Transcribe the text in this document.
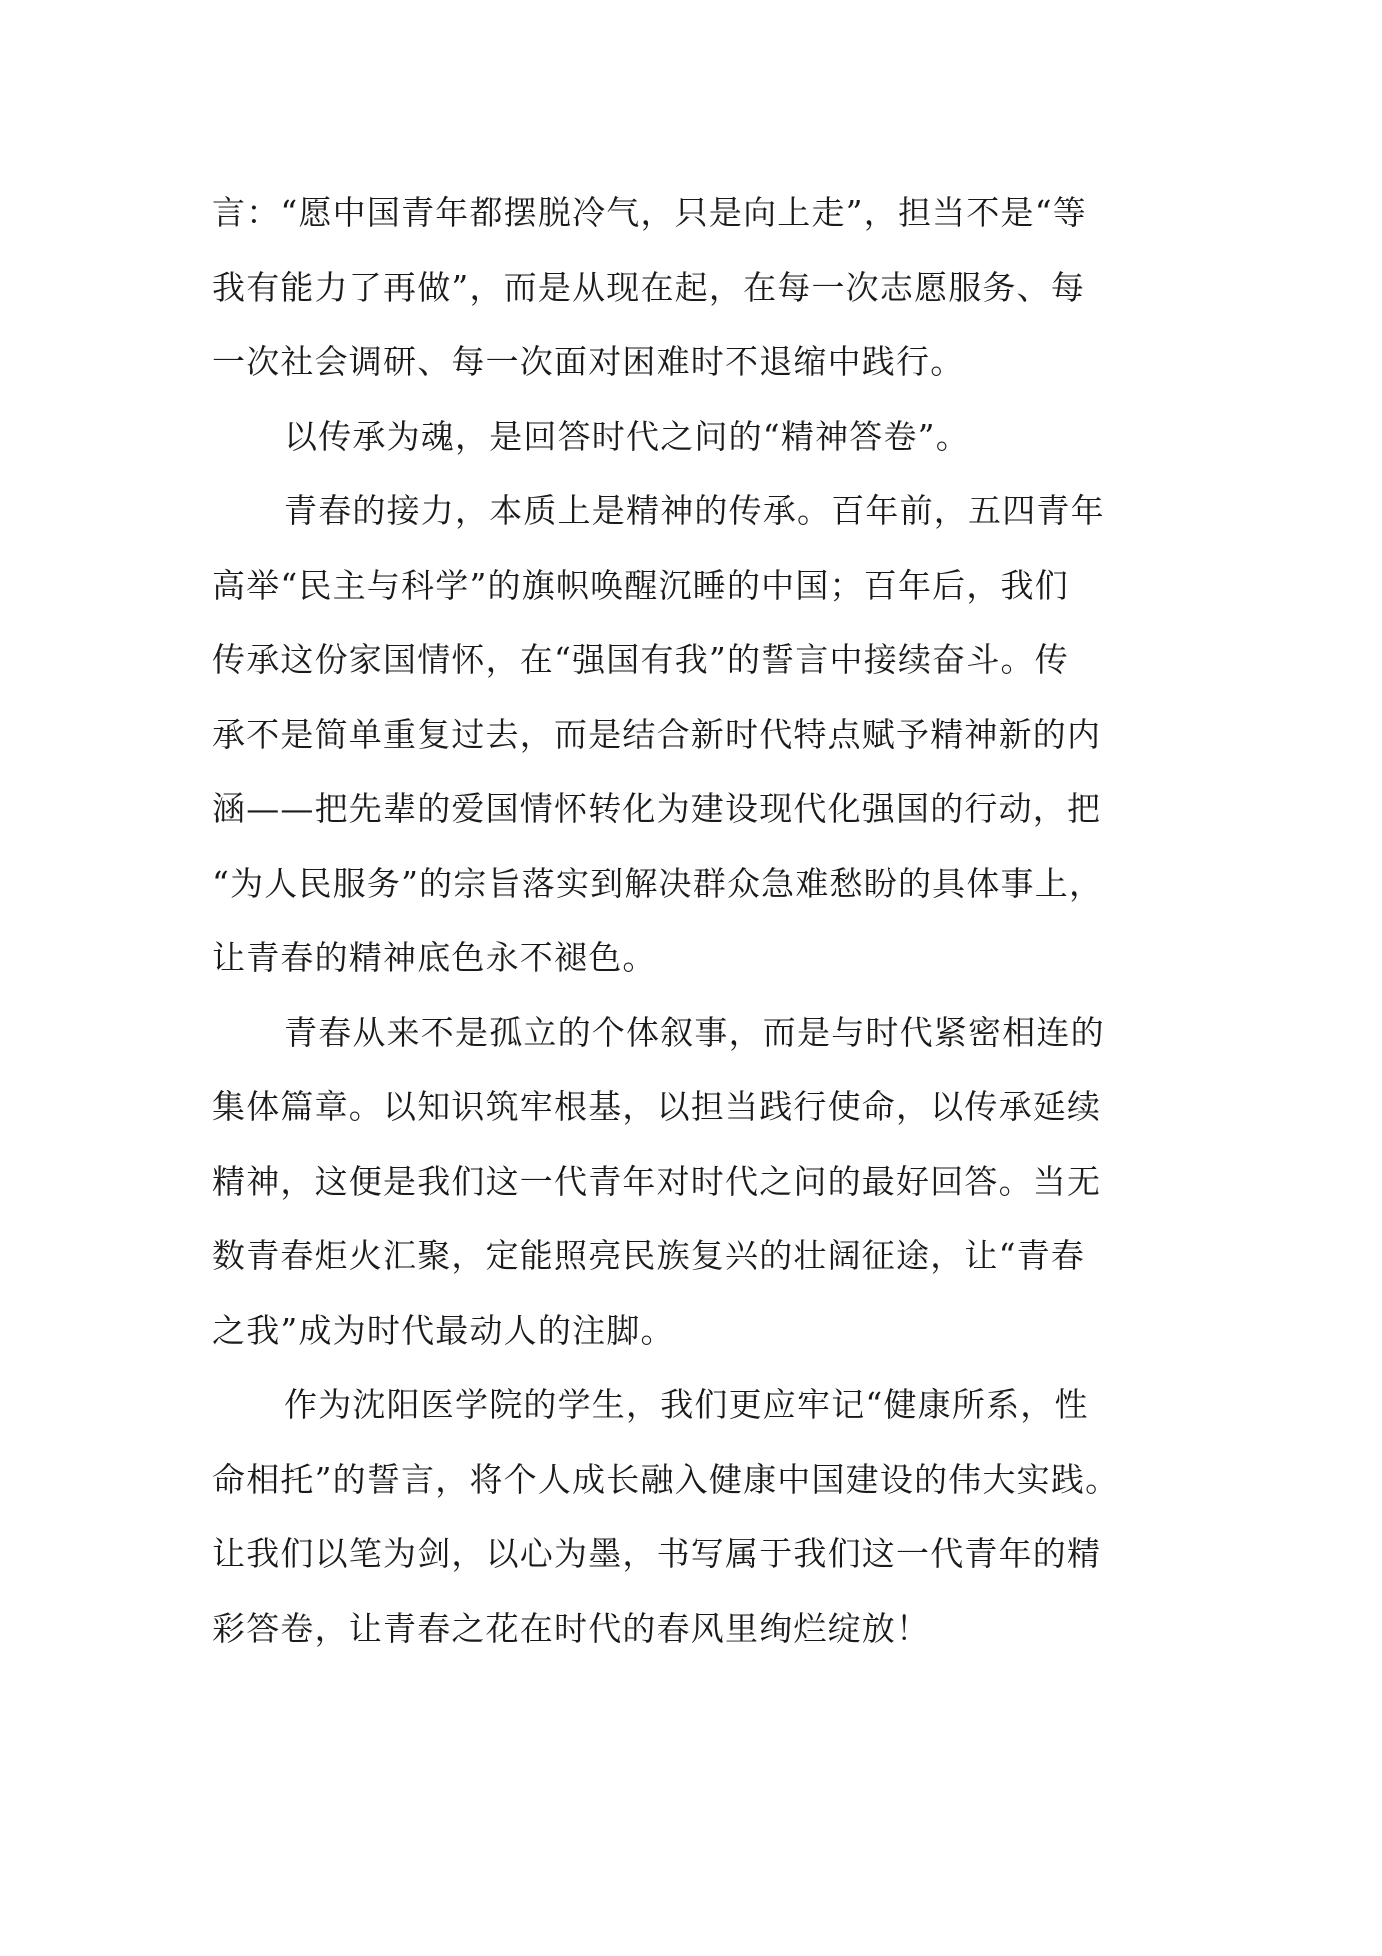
言：“愿中国青年都摆脱冷气，只是向上走”，担当不是“等
我有能力了再做”，而是从现在起，在每一次志愿服务、每
一次社会调研、每一次面对困难时不退缩中践行。
以传承为魂，是回答时代之问的“精神答卷”。
青春的接力，本质上是精神的传承。百年前，五四青年
高举“民主与科学”的旗帜唤醒沉睡的中国；百年后，我们
传承这份家国情怀，在“强国有我”的誓言中接续奋斗。传
承不是简单重复过去，而是结合新时代特点赋予精神新的内
涵——把先辈的爱国情怀转化为建设现代化强国的行动，把
“为人民服务”的宗旨落实到解决群众急难愁盼的具体事上，
让青春的精神底色永不褪色。
青春从来不是孤立的个体叙事，而是与时代紧密相连的
集体篇章。以知识筑牢根基，以担当践行使命，以传承延续
精神，这便是我们这一代青年对时代之问的最好回答。当无
数青春炬火汇聚，定能照亮民族复兴的壮阔征途，让“青春
之我”成为时代最动人的注脚。
作为沈阳医学院的学生，我们更应牢记“健康所系，性
命相托”的誓言，将个人成长融入健康中国建设的伟大实践。
让我们以笔为剑，以心为墨，书写属于我们这一代青年的精
彩答卷，让青春之花在时代的春风里绚烂绽放！
